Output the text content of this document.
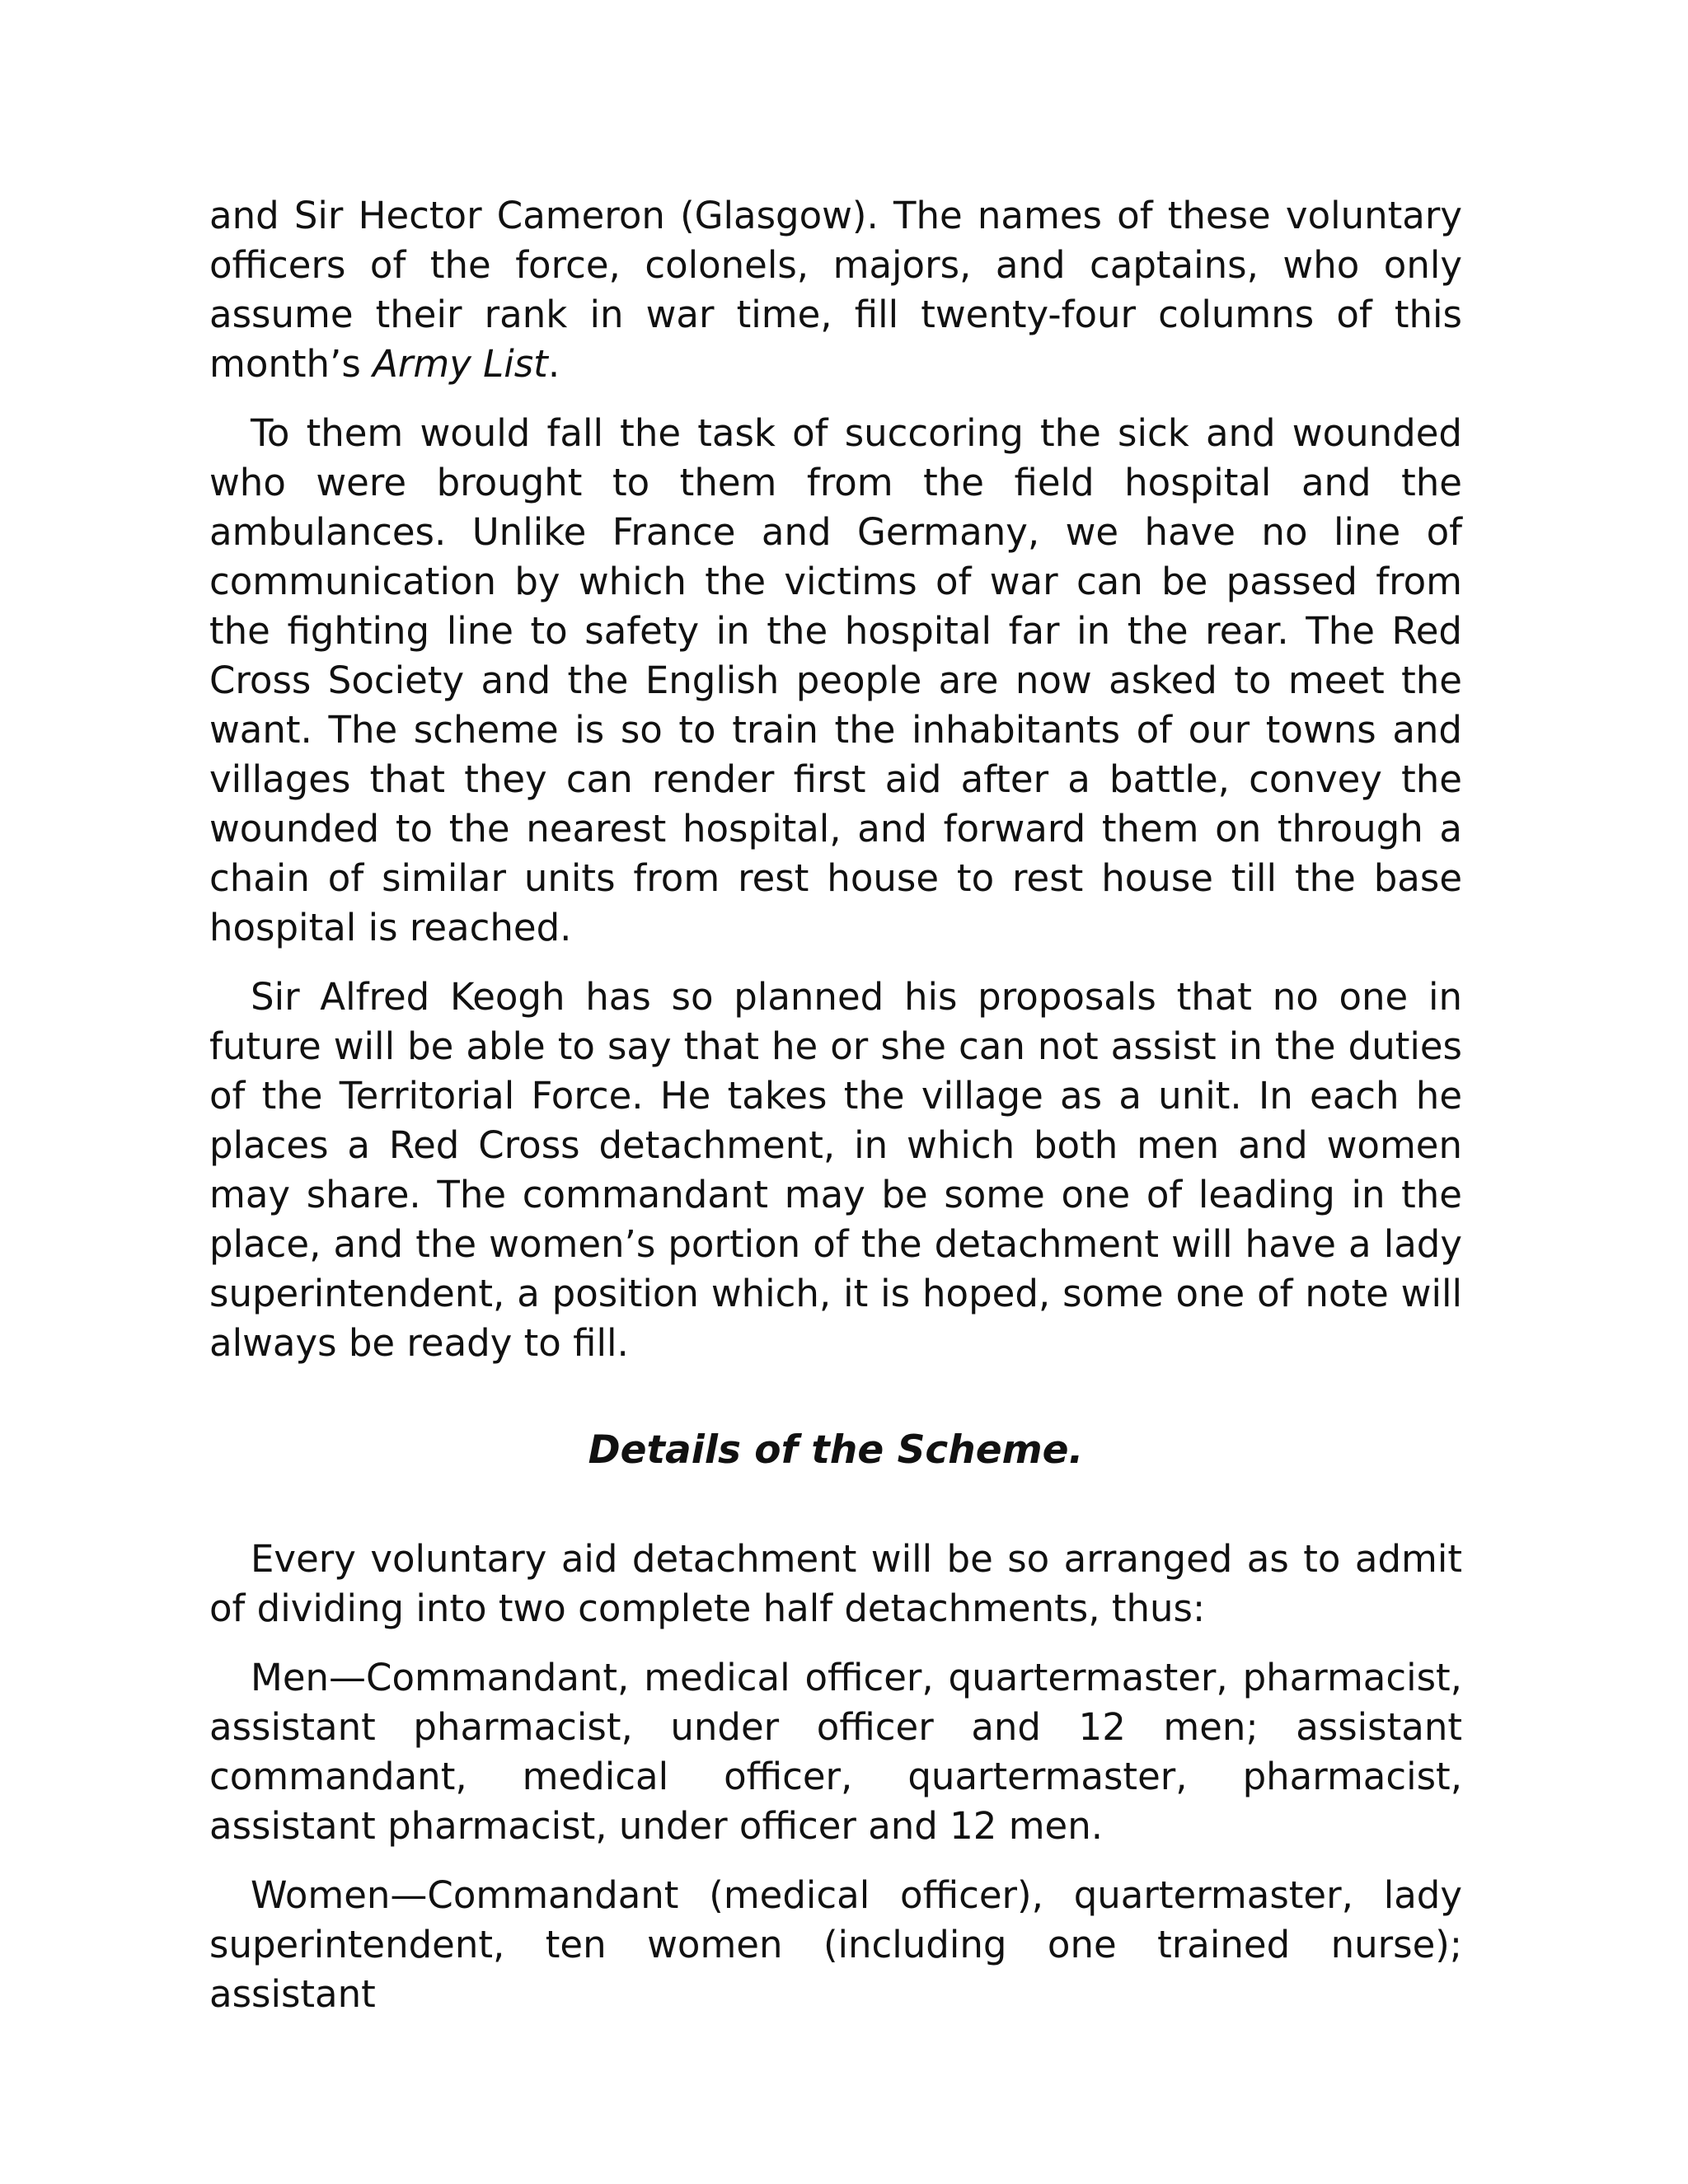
and Sir Hector Cameron (Glasgow). The names of these voluntary officers of the force, colonels, majors, and captains, who only assume their rank in war time, fill twenty-four columns of this month’s Army List.

To them would fall the task of succoring the sick and wounded who were brought to them from the field hospital and the ambulances. Unlike France and Germany, we have no line of communication by which the victims of war can be passed from the fighting line to safety in the hospital far in the rear. The Red Cross Society and the English people are now asked to meet the want. The scheme is so to train the inhabitants of our towns and villages that they can render first aid after a battle, convey the wounded to the nearest hospital, and forward them on through a chain of similar units from rest house to rest house till the base hospital is reached.

Sir Alfred Keogh has so planned his proposals that no one in future will be able to say that he or she can not assist in the duties of the Territorial Force. He takes the village as a unit. In each he places a Red Cross detachment, in which both men and women may share. The commandant may be some one of leading in the place, and the women’s portion of the detachment will have a lady superintendent, a position which, it is hoped, some one of note will always be ready to fill.

Details of the Scheme.

Every voluntary aid detachment will be so arranged as to admit of dividing into two complete half detachments, thus:

Men—Commandant, medical officer, quartermaster, pharmacist, assistant pharmacist, under officer and 12 men; assistant commandant, medical officer, quartermaster, pharmacist, assistant pharmacist, under officer and 12 men.

Women—Commandant (medical officer), quartermaster, lady superintendent, ten women (including one trained nurse); assistant
